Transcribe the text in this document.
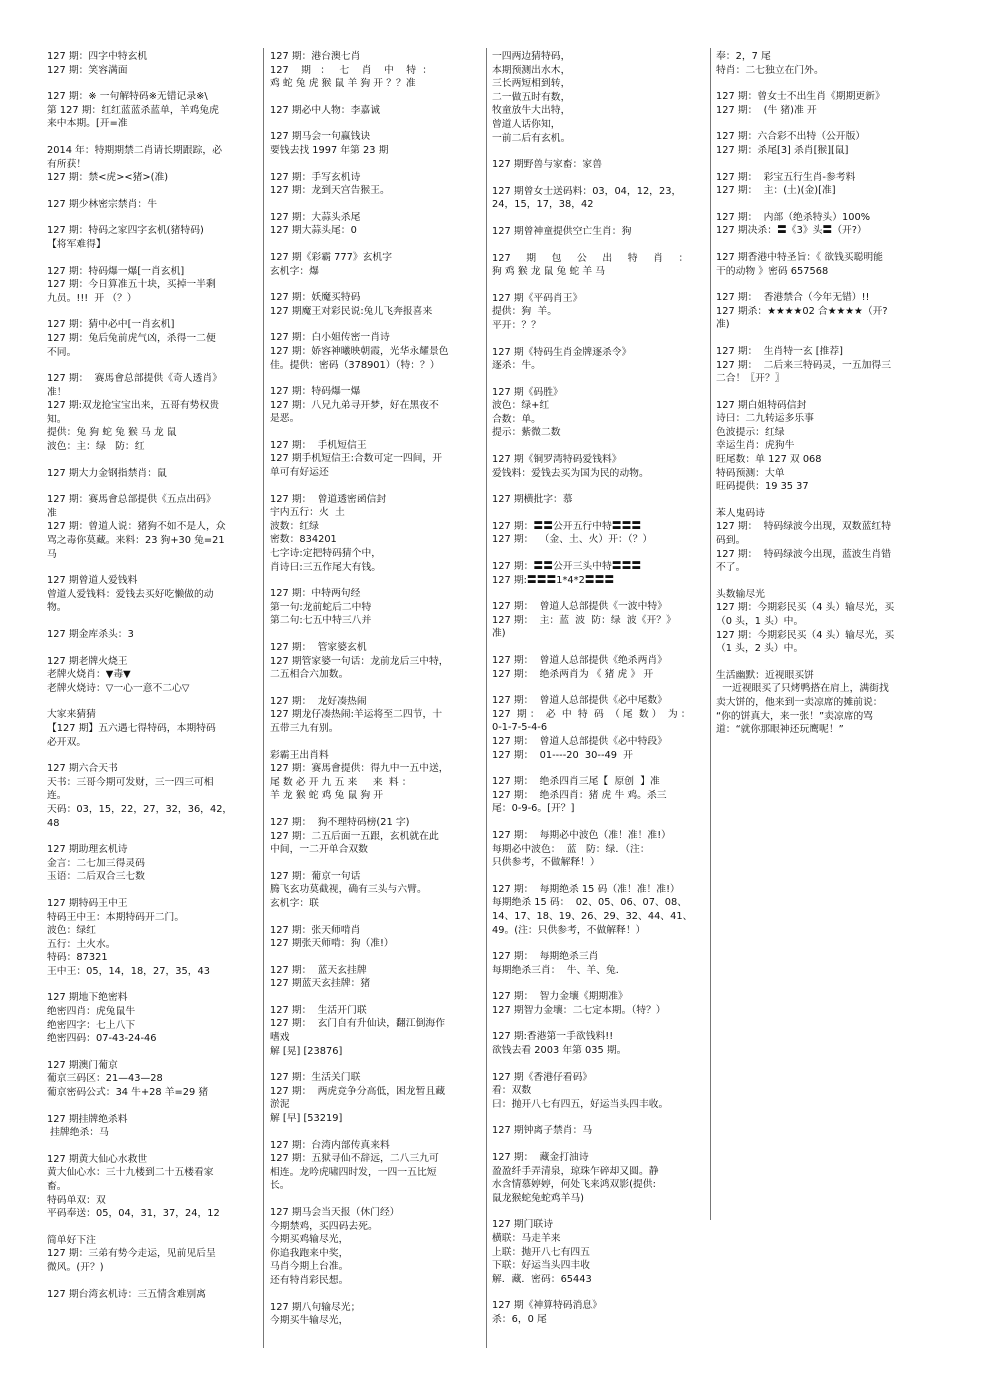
127 期：四字中特玄机
127 期：笑容满面
127 期：※ 一句解特码※无错记录※\
第 127 期：红红蓝蓝杀蓝单，羊鸡兔虎
来中本期。[开=准
2014 年：特期期禁二肖请长期跟踪，必
有所获！
127 期：禁<虎><猪>(准)
127 期少林密宗禁肖：牛
127 期：特码之家四字玄机(猪特码)
【将军难得】
127 期：特码爆一爆[一肖玄机]
127 期：今日算准五十块，买掉一半剩
九员。!!!  开 （？）
127 期：猜中必中[一肖玄机]
127 期：兔后兔前虎气凶，杀得一二便
不同。
127 期：  赛馬會总部提供《奇人透肖》
准！
127 期:双龙抢宝宝出来，五哥有势权贵
知。
提供：兔 狗 蛇 兔 猴 马 龙 鼠
波色：主：绿   防：红
127 期大力金钢指禁肖：鼠
127 期：赛馬會总部提供《五点出码》
准
127 期：曾道人说：猪狗不如不是人，众
骂之毒你莫藏。来料：23 狗+30 兔=21
马
127 期曾道人爱钱料
曾道人爱钱料：爱钱去买好吃懒做的动
物。
127 期金库杀头：3
127 期老牌火烧王
老牌火烧肖：▼毒▼
老牌火烧诗：▽一心一意不二心▽
大家来猜猜
【127 期】五六遇七得特码，本期特码
必开双。
127 期六合天书
天书：三哥今期可发财，三一四三可相
连。
天码：03，15，22，27，32，36，42，
48
127 期助理玄机诗
金言：二七加三得灵码
玉语：二后双合三七数
127 期特码王中王
特码王中王：本期特码开二门。
波色：绿红
五行：土火水。
特码：87321
王中王：05，14，18，27，35，43
127 期地下绝密料
绝密四肖：虎兔鼠牛
绝密四字：七上八下
绝密四码：07-43-24-46
127 期澳门葡京
葡京三码区：21—43—28
葡京密码公式：34 牛+28 羊=29 猪
127 期挂牌绝杀料
挂牌绝杀：马
127 期黄大仙心水救世
黄大仙心水：三十九楼到二十五楼看家
畜。
特码单双：双
平码奉送：05，04，31，37，24，12
简单好下注
127 期：三弟有势今走运，见前见后呈
微风。(开？)
127 期台湾玄机诗：三五情含难别离
127 期：港台澳七肖
127    期   ：   七    肖    中    特  ：
鸡 蛇 兔 虎 猴 鼠 羊 狗 开 ？？准
127 期必中人物：李嘉诚
127 期马会一句赢钱诀
要钱去找 1997 年第 23 期
127 期：手写玄机诗
127 期：龙到天宫告猴王。
127 期：大蒜头杀尾
127 期大蒜头尾：0
127 期《彩霸 777》玄机字
玄机字：爆
127 期：妖魔买特码
127 期魔王对彩民说:兔儿飞奔报喜来
127 期：白小姐传密一肖诗
127 期：娇容神曦映朝霞，光华永耀景色
佳。提供：密码（378901）（特：？）
127 期：特码爆一爆
127 期：八兄九弟寻开梦，好在黑夜不
是恶。
127 期：  手机短信王
127 期手机短信王:合数可定一四间，开
单可有好运还
127 期：  曾道透密函信封
宇内五行：火  土
波数：红绿
密数：834201
七字诗:定把特码猜个中，
肖诗曰:三五作尾大有钱。
127 期：中特两句经
第一句:龙前蛇后二中特
第二句:七五中特三八并
127 期：  管家婆玄机
127 期管家婆一句话：龙前龙后三中特，
二五相合六加数。
127 期：  龙好凑热闹
127 期龙仔凑热闹:羊运将至二四节，十
五带三九有别。
彩霸王出肖料
127 期：赛馬會提供：得九中一五中送，
尾 数 必 开 九 五 来     来  料 ：
羊 龙 猴 蛇 鸡 兔 鼠 狗 开
127 期：  狗不理特码榜(21 字)
127 期：二五后面一五跟，玄机就在此
中间，一二开单合双数
127 期：葡京一句话
腾飞玄功莫截视，确有三头与六臂。
玄机字：联
127 期：张天师啃肖
127 期张天师啃：狗（准!）
127 期：  蓝天玄挂牌
127 期蓝天玄挂牌：猪
127 期：  生活开门联
127 期：  玄门自有升仙诀，翻江倒海作
嗜戏
解 [晃] [23876]
127 期：生活关门联
127 期：  两虎竞争分高低，困龙暂且藏
淤泥
解 [早] [53219]
127 期：台湾内部传真来料
127 期：五狱寻仙不辞远，二八三九可
相连。龙吟虎啸四时发，一四一五比短
长。
127 期马会当天报（休门经）
今期禁鸡，买四码去死。
今期买鸡输尽光，
你追我跑来中奖，
马肖今期上台准。
还有特肖彩民想。
127 期八句输尽光；
今期买牛输尽光，
一四两边猜特码，
本期预测出水木，
三长两短相到转，
二一做五时有数，
牧童放牛大出特，
曾道人话你知，
一前二后有玄机。
127 期野兽与家畜：家兽
127 期曾女士送码料：03，04，12，23，
24，15，17，38，42
127 期曾神童提供空亡生肖：狗
127     期     包     公     出     特     肖     ：
狗 鸡 猴 龙 鼠 兔 蛇 羊 马
127 期《平码肖王》
提供：狗  羊。
平开：？？
127 期《特码生肖金牌逐杀令》
逐杀：牛。
127 期《码胜》
波色：绿+红
合数：单。
提示：紫微二数
127 期《铜罗湾特码爱钱料》
爱钱料：爱钱去买为国为民的动物。
127 期横批字：慕
127 期：〓〓公开五行中特〓〓〓
127 期：  （金、土、火）开：（？）
127 期：〓〓公开三头中特〓〓〓
127 期:〓〓〓1*4*2〓〓〓
127 期：  曾道人总部提供《一波中特》
127 期：  主：蓝  波  防：绿  波《开？》
准)
127 期：  曾道人总部提供《绝杀两肖》
127 期：  绝杀两肖为 《 猪 虎 》 开
127 期：  曾道人总部提供《必中尾数》
127  期 ：  必  中  特  码  （ 尾  数 ）  为 ：
0-1-7-5-4-6
127 期：  曾道人总部提供《必中特段》
127 期：  01----20  30--49  开
127 期：  绝杀四肖三尾【  原创  】准
127 期：  绝杀四肖：猪 虎 牛 鸡。杀三
尾：0-9-6。[开？]
127 期：  每期必中波色（准！准！准!）
每期必中波色：  蓝   防：绿．（注：
只供参考，不做解释！）
127 期：  每期绝杀 15 码（准！准！准!）
每期绝杀 15 码：  02、05、06、07、08、
14、17、18、19、26、29、32、44、41、
49。(注：只供参考，不做解释！）
127 期：  每期绝杀三肖
每期绝杀三肖：  牛、羊、兔．
127 期：  智力金壤《期期准》
127 期智力金壤：二七定本期。（特？）
127 期:香港第一手欲钱料!!
欲钱去看 2003 年第 035 期。
127 期《香港仔看码》
看：双数
曰：抛开八七有四五，好运当头四丰收。
127 期钟离子禁肖：马
127 期：  藏金打油诗
盈盈纤手弄清泉，琼珠乍碎却又圆。静
水含情慕婷婷，何处飞来鸿双影(提供:
鼠龙猴蛇兔蛇鸡羊马)
127 期门联诗
横联：马走羊来
上联：抛开八七有四五
下联：好运当头四丰收
解．藏．密码：65443
127 期《神算特码消息》
杀：6，0 尾
奉：2，7 尾
特肖：二七独立在门外。
127 期：曾女士不出生肖《期期更新》
127 期：  (牛 猪)准 开
127 期：六合彩不出特（公开版）
127 期：杀尾[3] 杀肖[猴][鼠]
127 期：  彩宝五行生肖-参考料
127 期：  主：(土)(金)[准]
127 期：  内部（绝杀特头）100%
127 期决杀：〓《3》头〓（开?）
127 期香港中特圣旨：《 欲钱买聪明能
干的动物 》密码 657568
127 期：  香港禁合（今年无错）!!
127 期杀：★★★★02 合★★★★（开?
准)
127 期：  生肖特一玄 [推荐]
127 期：  二后来三特码灵，一五加得三
二合！〖开？〗
127 期白姐特码信封
诗曰：二九转运多乐事
色波提示：红绿
幸运生肖：虎狗牛
旺尾数：单 127 双 068
特码预测：大单
旺码提供：19 35 37
苯人鬼码诗
127 期：  特码绿波今出现，双数蓝红特
码到。
127 期：  特码绿波今出现，蓝波生肖错
不了。
头数输尽光
127 期：今期彩民买（4 头）输尽光，买
（0 头，1 头）中。
127 期：今期彩民买（4 头）输尽光，买
（1 头，2 头）中。
生活幽默：近视眼买饼
一近视眼买了只烤鸭搭在肩上，满街找
卖大饼的，他来到一卖凉席的摊前说：
“你的饼真大，来一张！”卖凉席的骂
道：“就你那眼神还玩鹰呢！”
